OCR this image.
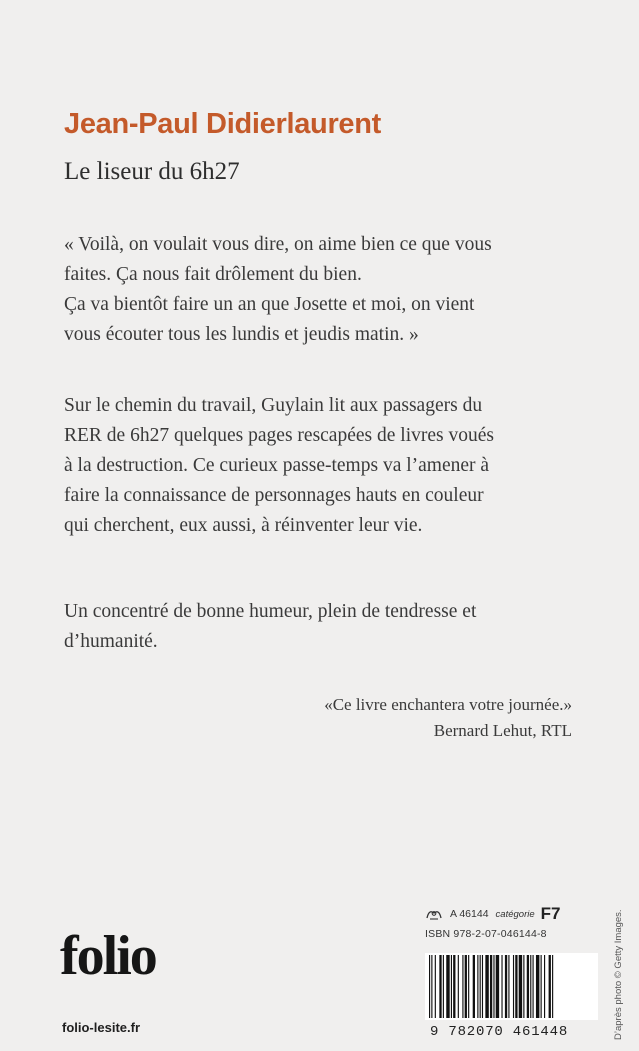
Jean-Paul Didierlaurent
Le liseur du 6h27
« Voilà, on voulait vous dire, on aime bien ce que vous
faites. Ça nous fait drôlement du bien.
Ça va bientôt faire un an que Josette et moi, on vient
vous écouter tous les lundis et jeudis matin. »
Sur le chemin du travail, Guylain lit aux passagers du
RER de 6h27 quelques pages rescapées de livres voués
à la destruction. Ce curieux passe-temps va l’amener à
faire la connaissance de personnages hauts en couleur
qui cherchent, eux aussi, à réinventer leur vie.
Un concentré de bonne humeur, plein de tendresse et
d’humanité.
«Ce livre enchantera votre journée.»
Bernard Lehut, RTL
D’après photo © Getty Images.
A 46144 catégorie F7
ISBN 978-2-07-046144-8
9 782070 461448
folio
folio-lesite.fr
